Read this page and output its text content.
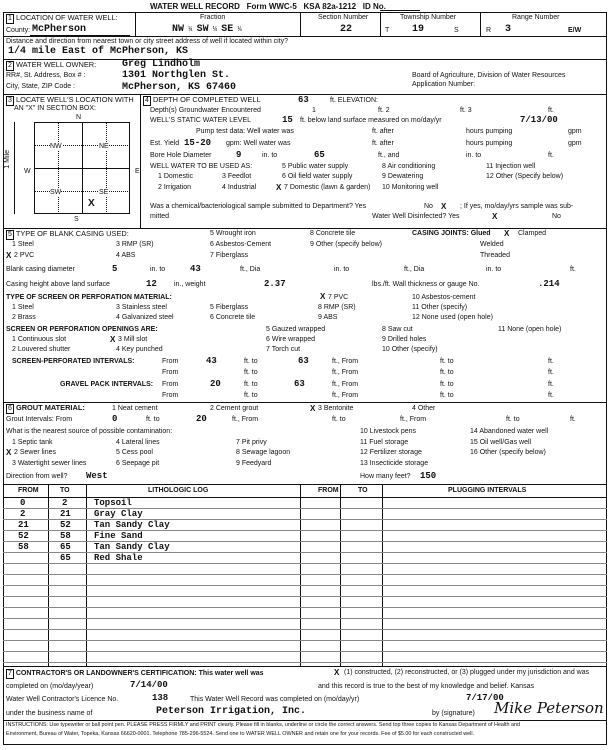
WATER WELL RECORD Form WWC-5 KSA 82a-1212 ID No.
1 LOCATION OF WATER WELL:
County: McPherson
Fraction
NW ¼ SW ¼ SE ¼
Section Number
22
Township Number
T 19	S
Range Number
R 3	E/W
Distance and direction from nearest town or city street address of well if located within city?
1/4 mile East of McPherson, KS
2 WATER WELL OWNER:	Greg Lindholm
RR#, St. Address, Box # :	1301 Northglen St.
City, State, ZIP Code :	McPherson, KS 67460
Board of Agriculture, Division of Water Resources
Application Number:
3 LOCATE WELL'S LOCATION WITH
AN "X" IN SECTION BOX:
N
S
W	E
1 Mile
NW	NE
SW	SE
X
4 DEPTH OF COMPLETED WELL	63	ft. ELEVATION:
Depth(s) Groundwater Encountered	1	ft. 2	ft. 3	ft.
WELL'S STATIC WATER LEVEL	15 ft. below land surface measured on mo/day/yr	7/13/00
Pump test data: Well water was	ft. after	hours pumping	gpm
Est. Yield 15-20 gpm: Well water was	ft. after	hours pumping	gpm
Bore Hole Diameter	9	in. to	65	ft., and	in. to	ft.
WELL WATER TO BE USED AS:
1 Domestic
2 Irrigation
3 Feedlot
4 Industrial
5 Public water supply
6 Oil field water supply
X 7 Domestic (lawn & garden)
8 Air conditioning
9 Dewatering
10 Monitoring well
11 Injection well
12 Other (Specify below)
Was a chemical/bacteriological sample submitted to Department? Yes	No X ; If yes, mo/day/yrs sample was sub-
mitted	Water Well Disinfected? Yes	X	No
5 TYPE OF BLANK CASING USED:
1 Steel
X 2 PVC
3 RMP (SR)
4 ABS
5 Wrought iron
6 Asbestos-Cement
7 Fiberglass
8 Concrete tile
9 Other (specify below)
CASING JOINTS: Glued X Clamped
Welded
Threaded
Blank casing diameter	5	in. to	43	ft., Dia	in. to	ft., Dia	in. to	ft.
Casing height above land surface	12 in., weight	2.37	lbs./ft. Wall thickness or gauge No.	.214
TYPE OF SCREEN OR PERFORATION MATERIAL:
1 Steel
2 Brass
3 Stainless steel
4 Galvanized steel
5 Fiberglass
6 Concrete tile
X 7 PVC
8 RMP (SR)
9 ABS
10 Asbestos-cement
11 Other (specify)
12 None used (open hole)
SCREEN OR PERFORATION OPENINGS ARE:
1 Continuous slot
2 Louvered shutter
X 3 Mill slot
4 Key punched
5 Gauzed wrapped
6 Wire wrapped
7 Torch cut
8 Saw cut
9 Drilled holes
10 Other (specify)
11 None (open hole)
SCREEN-PERFORATED INTERVALS:	From	43	ft. to	63	ft., From	ft. to	ft.
From	ft. to	ft., From	ft. to	ft.
GRAVEL PACK INTERVALS: From	20	ft. to	63	ft., From	ft. to	ft.
From	ft. to	ft., From	ft. to	ft.
6 GROUT MATERIAL:	1 Neat cement	2 Cement grout	X 3 Bentonite	4 Other
Grout Intervals: From	0	ft. to	20	ft., From	ft. to	ft., From	ft. to	ft.
What is the nearest source of possible contamination:
1 Septic tank
X 2 Sewer lines
3 Watertight sewer lines
4 Lateral lines
5 Cess pool
6 Seepage pit
7 Pit privy
8 Sewage lagoon
9 Feedyard
10 Livestock pens
11 Fuel storage
12 Fertilizer storage
13 Insecticide storage
14 Abandoned water well
15 Oil well/Gas well
16 Other (specify below)
Direction from well? West	How many feet? 150
FROM	TO	LITHOLOGIC LOG	FROM	TO	PLUGGING INTERVALS
0	2	Topsoil
2	21	Gray Clay
21	52	Tan Sandy Clay
52	58	Fine Sand
58	65	Tan Sandy Clay
65	Red Shale
7 CONTRACTOR'S OR LANDOWNER'S CERTIFICATION: This water well was	X (1) constructed, (2) reconstructed, or (3) plugged under my jurisdiction and was
completed on (mo/day/year)	7/14/00	and this record is true to the best of my knowledge and belief. Kansas
Water Well Contractor's Licence No.	138	This Water Well Record was completed on (mo/day/yr)	7/17/00
under the business name of	Peterson Irrigation, Inc.	by (signature) Mike Peterson
INSTRUCTIONS: Use typewriter or ball point pen. PLEASE PRESS FIRMLY and PRINT clearly. Please fill in blanks, underline or circle the correct answers. Send top three copies to Kansas Department of Health and
Environment, Bureau of Water, Topeka, Kansas 66620-0001. Telephone 785-296-5524. Send one to WATER WELL OWNER and retain one for your records. Fee of $5.00 for each constructed well.
